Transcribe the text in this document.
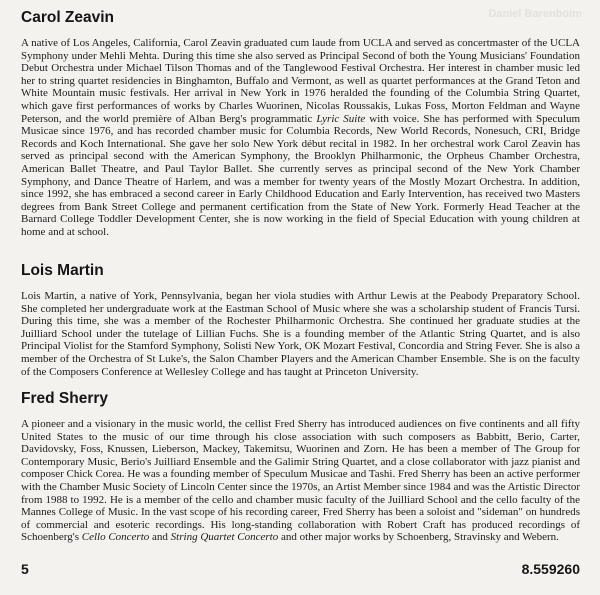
Daniel Barenboim
Carol Zeavin

A native of Los Angeles, California, Carol Zeavin graduated cum laude from UCLA and served as concertmaster of the UCLA Symphony under Mehli Mehta. During this time she also served as Principal Second of both the Young Musicians' Foundation Debut Orchestra under Michael Tilson Thomas and of the Tanglewood Festival Orchestra. Her interest in chamber music led her to string quartet residencies in Binghamton, Buffalo and Vermont, as well as quartet performances at the Grand Teton and White Mountain music festivals. Her arrival in New York in 1976 heralded the founding of the Columbia String Quartet, which gave first performances of works by Charles Wuorinen, Nicolas Roussakis, Lukas Foss, Morton Feldman and Wayne Peterson, and the world première of Alban Berg's programmatic Lyric Suite with voice. She has performed with Speculum Musicae since 1976, and has recorded chamber music for Columbia Records, New World Records, Nonesuch, CRI, Bridge Records and Koch International. She gave her solo New York début recital in 1982. In her orchestral work Carol Zeavin has served as principal second with the American Symphony, the Brooklyn Philharmonic, the Orpheus Chamber Orchestra, American Ballet Theatre, and Paul Taylor Ballet. She currently serves as principal second of the New York Chamber Symphony, and Dance Theatre of Harlem, and was a member for twenty years of the Mostly Mozart Orchestra. In addition, since 1992, she has embraced a second career in Early Childhood Education and Early Intervention, has received two Masters degrees from Bank Street College and permanent certification from the State of New York. Formerly Head Teacher at the Barnard College Toddler Development Center, she is now working in the field of Special Education with young children at home and at school.

Lois Martin

Lois Martin, a native of York, Pennsylvania, began her viola studies with Arthur Lewis at the Peabody Preparatory School. She completed her undergraduate work at the Eastman School of Music where she was a scholarship student of Francis Tursi. During this time, she was a member of the Rochester Philharmonic Orchestra. She continued her graduate studies at the Juilliard School under the tutelage of Lillian Fuchs. She is a founding member of the Atlantic String Quartet, and is also Principal Violist for the Stamford Symphony, Solisti New York, OK Mozart Festival, Concordia and String Fever. She is also a member of the Orchestra of St Luke's, the Salon Chamber Players and the American Chamber Ensemble. She is on the faculty of the Composers Conference at Wellesley College and has taught at Princeton University.

Fred Sherry

A pioneer and a visionary in the music world, the cellist Fred Sherry has introduced audiences on five continents and all fifty United States to the music of our time through his close association with such composers as Babbitt, Berio, Carter, Davidovsky, Foss, Knussen, Lieberson, Mackey, Takemitsu, Wuorinen and Zorn. He has been a member of The Group for Contemporary Music, Berio's Juilliard Ensemble and the Galimir String Quartet, and a close collaborator with jazz pianist and composer Chick Corea. He was a founding member of Speculum Musicae and Tashi. Fred Sherry has been an active performer with the Chamber Music Society of Lincoln Center since the 1970s, an Artist Member since 1984 and was the Artistic Director from 1988 to 1992. He is a member of the cello and chamber music faculty of the Juilliard School and the cello faculty of the Mannes College of Music. In the vast scope of his recording career, Fred Sherry has been a soloist and "sideman" on hundreds of commercial and esoteric recordings. His long-standing collaboration with Robert Craft has produced recordings of Schoenberg's Cello Concerto and String Quartet Concerto and other major works by Schoenberg, Stravinsky and Webern.

5	8.559260
